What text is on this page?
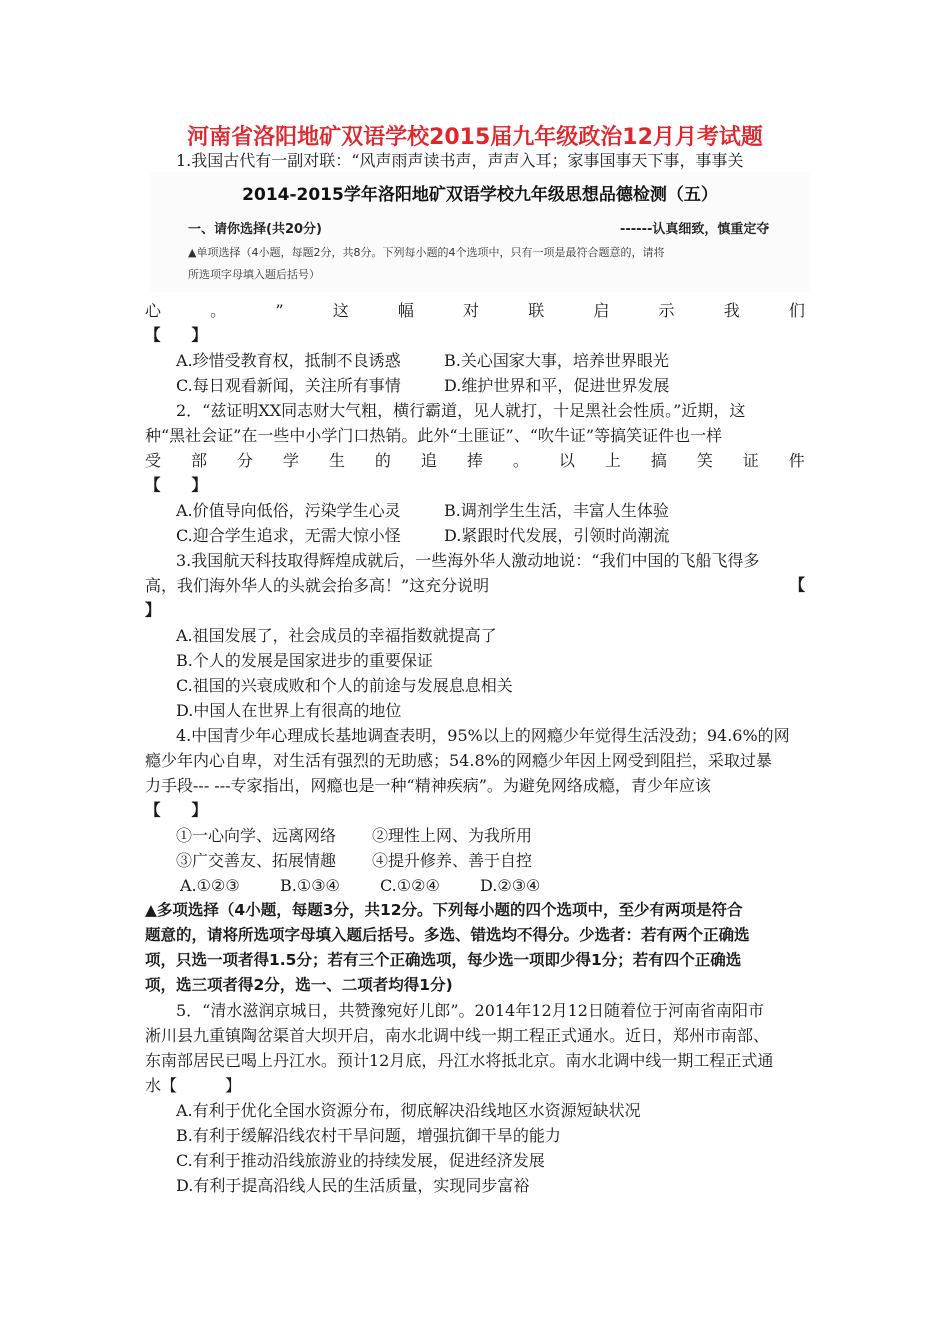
河南省洛阳地矿双语学校2015届九年级政治12月月考试题
1.我国古代有一副对联：“风声雨声读书声，声声入耳；家事国事天下事，事事关
2014-2015学年洛阳地矿双语学校九年级思想品德检测（五）
一、请你选择(共20分)	------认真细致，慎重定夺
▲单项选择（4小题，每题2分，共8分。下列每小题的4个选项中，只有一项是最符合题意的，请将
所选项字母填入题后括号）
心	。	”	这	幅	对	联	启	示	我	们
【　　】
A.珍惜受教育权，抵制不良诱惑	B.关心国家大事，培养世界眼光
C.每日观看新闻，关注所有事情	D.维护世界和平，促进世界发展
2．“兹证明XX同志财大气粗，横行霸道，见人就打，十足黑社会性质。”近期，这
种“黑社会证”在一些中小学门口热销。此外“土匪证”、“吹牛证”等搞笑证件也一样
受 部 分 学 生 的 追 捧 。 以 上 搞 笑 证 件
【　　】
A.价值导向低俗，污染学生心灵	B.调剂学生生活，丰富人生体验
C.迎合学生追求，无需大惊小怪	D.紧跟时代发展，引领时尚潮流
3.我国航天科技取得辉煌成就后，一些海外华人激动地说：“我们中国的飞船飞得多
高，我们海外华人的头就会抬多高！”这充分说明	【
】
A.祖国发展了，社会成员的幸福指数就提高了
B.个人的发展是国家进步的重要保证
C.祖国的兴衰成败和个人的前途与发展息息相关
D.中国人在世界上有很高的地位
4.中国青少年心理成长基地调查表明，95%以上的网瘾少年觉得生活没劲；94.6%的网
瘾少年内心自卑，对生活有强烈的无助感；54.8%的网瘾少年因上网受到阻拦，采取过暴
力手段--- ---专家指出，网瘾也是一种“精神疾病”。为避免网络成瘾，青少年应该
【　　】
①一心向学、远离网络 ②理性上网、为我所用
③广交善友、拓展情趣 ④提升修养、善于自控
A.①②③	B.①③④	C.①②④	D.②③④
▲多项选择（4小题，每题3分，共12分。下列每小题的四个选项中，至少有两项是符合
题意的，请将所选项字母填入题后括号。多选、错选均不得分。少选者：若有两个正确选
项，只选一项者得1.5分；若有三个正确选项，每少选一项即少得1分；若有四个正确选
项，选三项者得2分，选一、二项者均得1分)
5．“清水滋润京城日，共赞豫宛好儿郎”。2014年12月12日随着位于河南省南阳市
淅川县九重镇陶岔渠首大坝开启，南水北调中线一期工程正式通水。近日，郑州市南部、
东南部居民已喝上丹江水。预计12月底，丹江水将抵北京。南水北调中线一期工程正式通
水【　　　】
A.有利于优化全国水资源分布，彻底解决沿线地区水资源短缺状况
B.有利于缓解沿线农村干旱问题，增强抗御干旱的能力
C.有利于推动沿线旅游业的持续发展，促进经济发展
D.有利于提高沿线人民的生活质量，实现同步富裕
